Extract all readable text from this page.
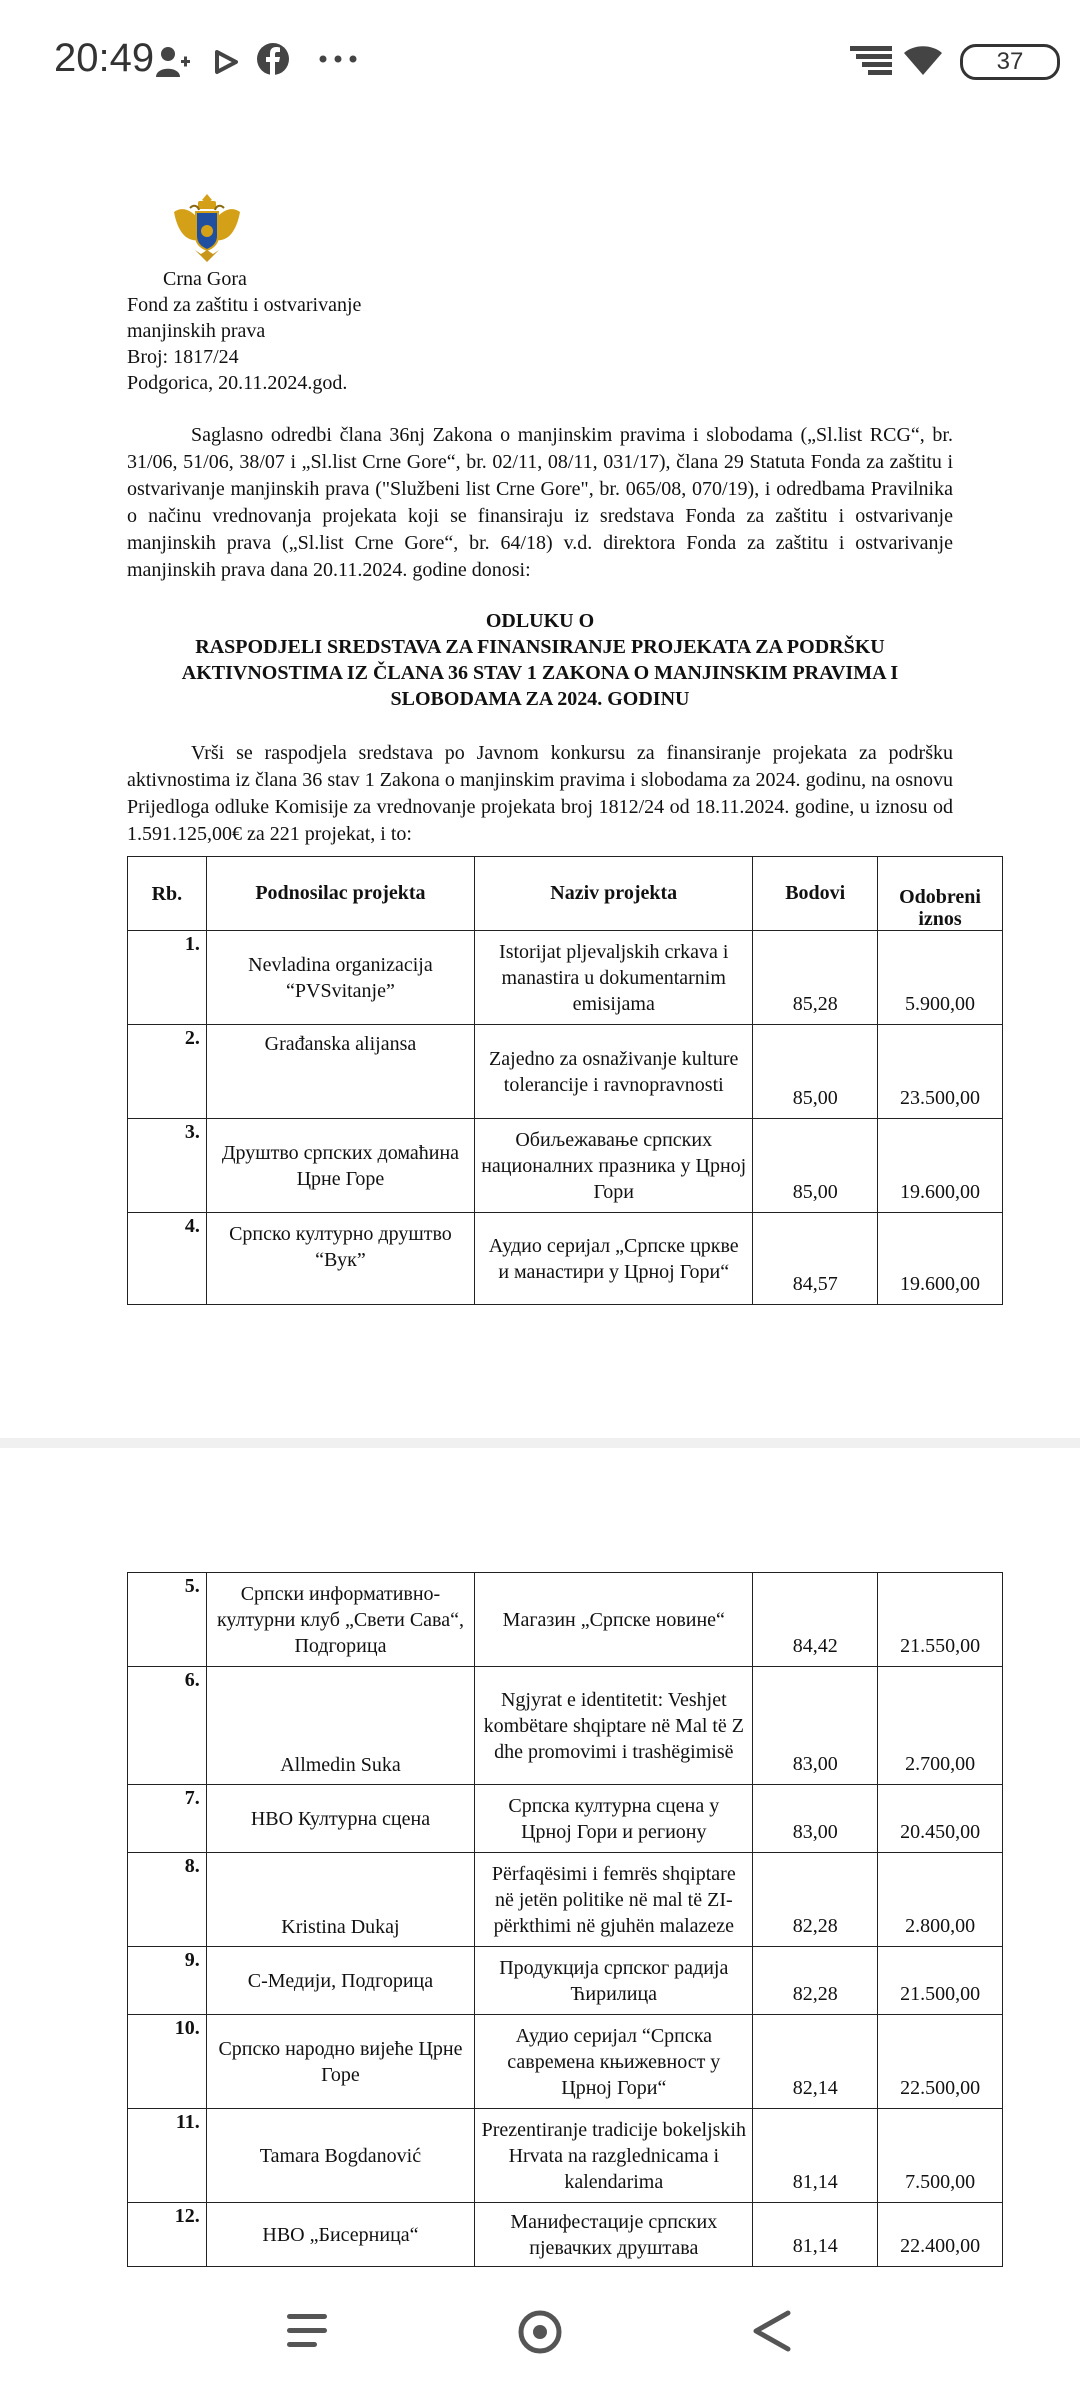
20:49	37

Crna Gora

Fond za zaštitu i ostvarivanje

manjinskih prava

Broj: 1817/24

Podgorica, 20.11.2024.god.

Saglasno odredbi člana 36nj Zakona o manjinskim pravima i slobodama („Sl.list RCG“, br. 31/06, 51/06, 38/07 i „Sl.list Crne Gore“, br. 02/11, 08/11, 031/17), člana 29 Statuta Fonda za zaštitu i ostvarivanje manjinskih prava ("Službeni list Crne Gore", br. 065/08, 070/19), i odredbama Pravilnika o načinu vrednovanja projekata koji se finansiraju iz sredstava Fonda za zaštitu i ostvarivanje manjinskih prava („Sl.list Crne Gore“, br. 64/18) v.d. direktora Fonda za zaštitu i ostvarivanje manjinskih prava dana 20.11.2024. godine donosi:

ODLUKU O

RASPODJELI SREDSTAVA ZA FINANSIRANJE PROJEKATA ZA PODRŠKU

AKTIVNOSTIMA IZ ČLANA 36 STAV 1 ZAKONA O MANJINSKIM PRAVIMA I

SLOBODAMA ZA 2024. GODINU

Vrši se raspodjela sredstava po Javnom konkursu za finansiranje projekata za podršku aktivnostima iz člana 36 stav 1 Zakona o manjinskim pravima i slobodama za 2024. godinu, na osnovu Prijedloga odluke Komisije za vrednovanje projekata broj 1812/24 od 18.11.2024. godine, u iznosu od 1.591.125,00€ za 221 projekat, i to:

Rb.	Podnosilac projekta	Naziv projekta	Bodovi	Odobreni
iznos
1.	Nevladina organizacija “PVSvitanje”	Istorijat pljevaljskih crkava i manastira u dokumentarnim emisijama	85,28	5.900,00
2.	Građanska alijansa	Zajedno za osnaživanje kulture tolerancije i ravnopravnosti	85,00	23.500,00
3.	Друштво српских домаћина Црне Горе	Обиљежавање српских националних празника у Црној Гори	85,00	19.600,00
4.	Српско културно друштво “Вук”	Аудио серијал „Српске цркве и манастири у Црној Гори“	84,57	19.600,00
5.	Српски информативно-културни клуб „Свети Сава“, Подгорица	Магазин „Српске новине“	84,42	21.550,00
6.	Allmedin Suka	Ngjyrat e identitetit: Veshjet kombëtare shqiptare në Mal të Z dhe promovimi i trashëgimisë	83,00	2.700,00
7.	НВО Културна сцена	Српска културна сцена у Црној Гори и региону	83,00	20.450,00
8.	Kristina Dukaj	Përfaqësimi i femrës shqiptare në jetën politike në mal të ZI-përkthimi në gjuhën malazeze	82,28	2.800,00
9.	С-Медији, Подгорица	Продукција српског радија Ћирилица	82,28	21.500,00
10.	Српско народно вијеће Црне Горе	Аудио серијал “Српска савремена књижевност у Црној Гори“	82,14	22.500,00
11.	Tamara Bogdanović	Prezentiranje tradicije bokeljskih Hrvata na razglednicama i kalendarima	81,14	7.500,00
12.	НВО „Бисерница“	Манифестације српских пјевачких друштава	81,14	22.400,00
